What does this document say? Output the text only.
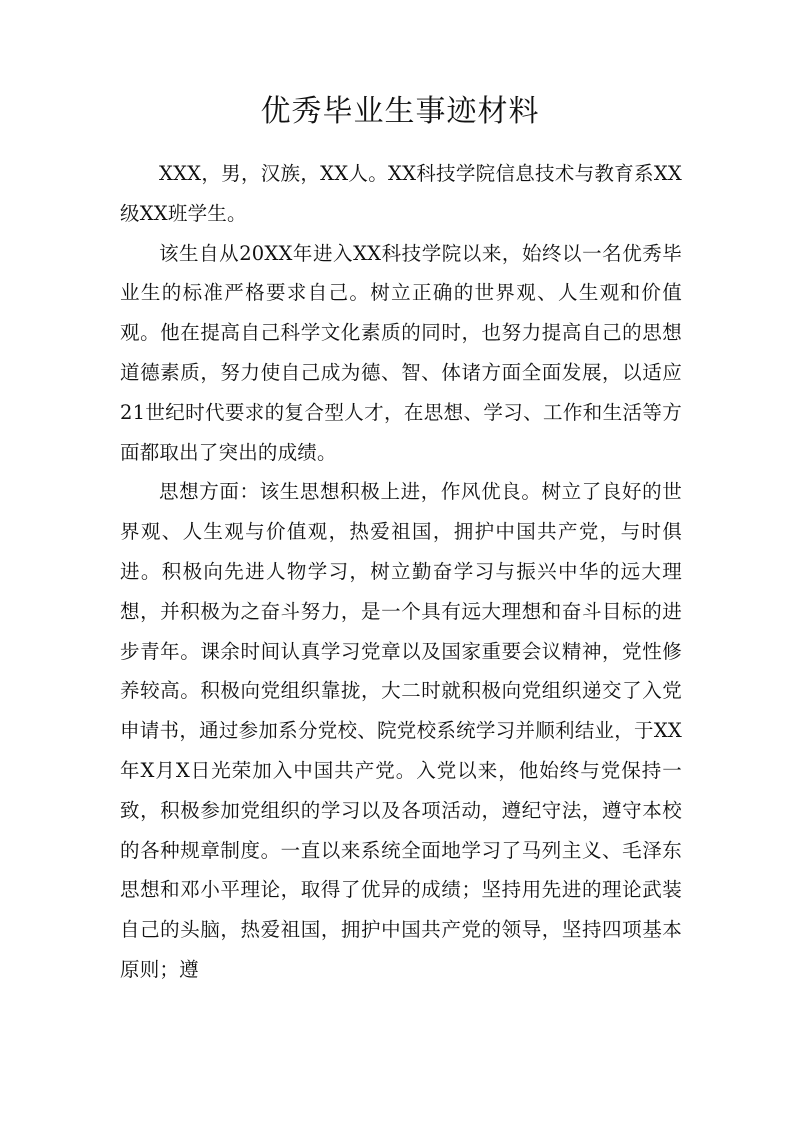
优秀毕业生事迹材料

XXX，男，汉族，XX人。XX科技学院信息技术与教育系XX级XX班学生。

该生自从20XX年进入XX科技学院以来，始终以一名优秀毕业生的标准严格要求自己。树立正确的世界观、人生观和价值观。他在提高自己科学文化素质的同时，也努力提高自己的思想道德素质，努力使自己成为德、智、体诸方面全面发展，以适应21世纪时代要求的复合型人才，在思想、学习、工作和生活等方面都取出了突出的成绩。

思想方面：该生思想积极上进，作风优良。树立了良好的世界观、人生观与价值观，热爱祖国，拥护中国共产党，与时俱进。积极向先进人物学习，树立勤奋学习与振兴中华的远大理想，并积极为之奋斗努力，是一个具有远大理想和奋斗目标的进步青年。课余时间认真学习党章以及国家重要会议精神，党性修养较高。积极向党组织靠拢，大二时就积极向党组织递交了入党申请书，通过参加系分党校、院党校系统学习并顺利结业，于XX年X月X日光荣加入中国共产党。入党以来，他始终与党保持一致，积极参加党组织的学习以及各项活动，遵纪守法，遵守本校的各种规章制度。一直以来系统全面地学习了马列主义、毛泽东思想和邓小平理论，取得了优异的成绩；坚持用先进的理论武装自己的头脑，热爱祖国，拥护中国共产党的领导，坚持四项基本原则；遵
